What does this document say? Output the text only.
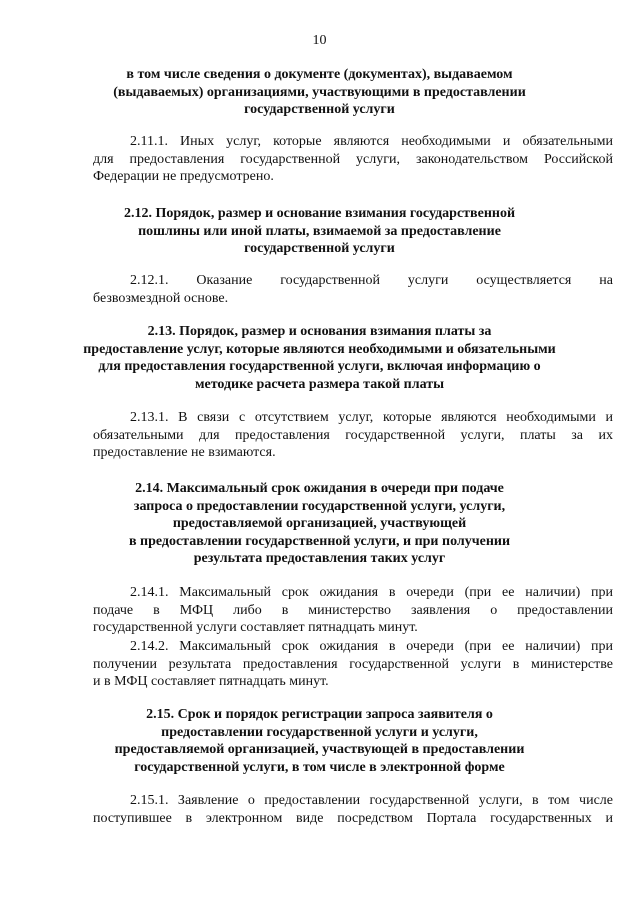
10
в том числе сведения о документе (документах), выдаваемом
(выдаваемых) организациями, участвующими в предоставлении
государственной услуги
2.11.1. Иных услуг, которые являются необходимыми и обязательными
для предоставления государственной услуги, законодательством Российской
Федерации не предусмотрено.
2.12. Порядок, размер и основание взимания государственной
пошлины или иной платы, взимаемой за предоставление
государственной услуги
2.12.1. Оказание государственной услуги осуществляется на
безвозмездной основе.
2.13. Порядок, размер и основания взимания платы за
предоставление услуг, которые являются необходимыми и обязательными
для предоставления государственной услуги, включая информацию о
методике расчета размера такой платы
2.13.1. В связи с отсутствием услуг, которые являются необходимыми и
обязательными для предоставления государственной услуги, платы за их
предоставление не взимаются.
2.14. Максимальный срок ожидания в очереди при подаче
запроса о предоставлении государственной услуги, услуги,
предоставляемой организацией, участвующей
в предоставлении государственной услуги, и при получении
результата предоставления таких услуг
2.14.1. Максимальный срок ожидания в очереди (при ее наличии) при
подаче в МФЦ либо в министерство заявления о предоставлении
государственной услуги составляет пятнадцать минут.
2.14.2. Максимальный срок ожидания в очереди (при ее наличии) при
получении результата предоставления государственной услуги в министерстве
и в МФЦ составляет пятнадцать минут.
2.15. Срок и порядок регистрации запроса заявителя о
предоставлении государственной услуги и услуги,
предоставляемой организацией, участвующей в предоставлении
государственной услуги, в том числе в электронной форме
2.15.1. Заявление о предоставлении государственной услуги, в том числе
поступившее в электронном виде посредством Портала государственных и
